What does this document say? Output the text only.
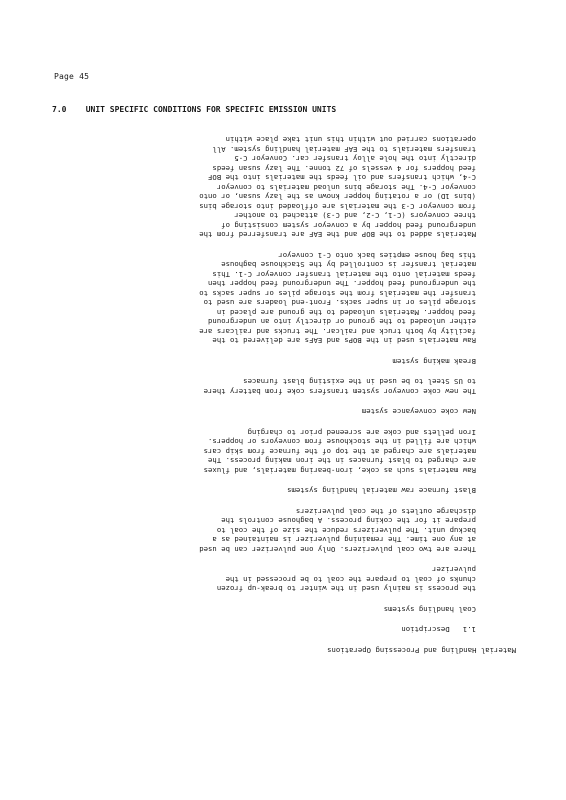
Page 45
7.0 UNIT SPECIFIC CONDITIONS FOR SPECIFIC EMISSION UNITS
Material Handling and Processing Operations
1.1   Description
Coal handling systems
the process is mainly used in the winter to break-up frozen
chunks of coal to prepare the coal to be processed in the
pulverizer
There are two coal pulverizers. Only one pulverizer can be used
at any one time. The remaining pulverizer is maintained as a
backup unit. The pulverizers reduce the size of the coal to
prepare it for the coking process. A baghouse controls the
discharge outlets of the coal pulverizers
Blast furnace raw material handling systems
Raw materials such as coke, iron-bearing materials, and fluxes
are charged to blast furnaces in the iron making process. The
materials are charged at the top of the furnace from skip cars
which are filled in the stockhouse from conveyors or hoppers.
Iron pellets and coke are screened prior to charging
New coke conveyance system
The new coke conveyor system transfers coke from battery there
to US Steel to be used in the existing blast furnaces
Break making system
Raw materials used in the BOPs and EAFs are delivered to the
facility by both truck and railcar. The trucks and railcars are
either unloaded to the ground or directly into an underground
feed hopper. Materials unloaded to the ground are placed in
storage piles or in super sacks. Front-end loaders are used to
transfer the materials from the storage piles or super sacks to
the underground feed hopper. The underground feed hopper then
feeds material onto the material transfer conveyor C-1. This
material transfer is controlled by the Stackhouse baghouse
this bag house empties back onto C-1 conveyor
Materials added to the BOP and the EAF are transferred from the
underground feed hopper by a conveyor system consisting of
three conveyors (C-1, C-2, and C-3) attached to another
from conveyor C-3 the materials are offloaded into storage bins
(bins 1D) or a rotating hopper known as the lazy susan, or onto
conveyor C-4. The storage bins unload materials to conveyor
C-4, which transfers and oil feeds the materials into the BOF
feed hoppers for 4 vessels of 72 tonne. The lazy susan feeds
directly into the hole alloy transfer car. Conveyor C-5
transfers materials to the EAF material handling system. All
operations carried out within this unit take place within
